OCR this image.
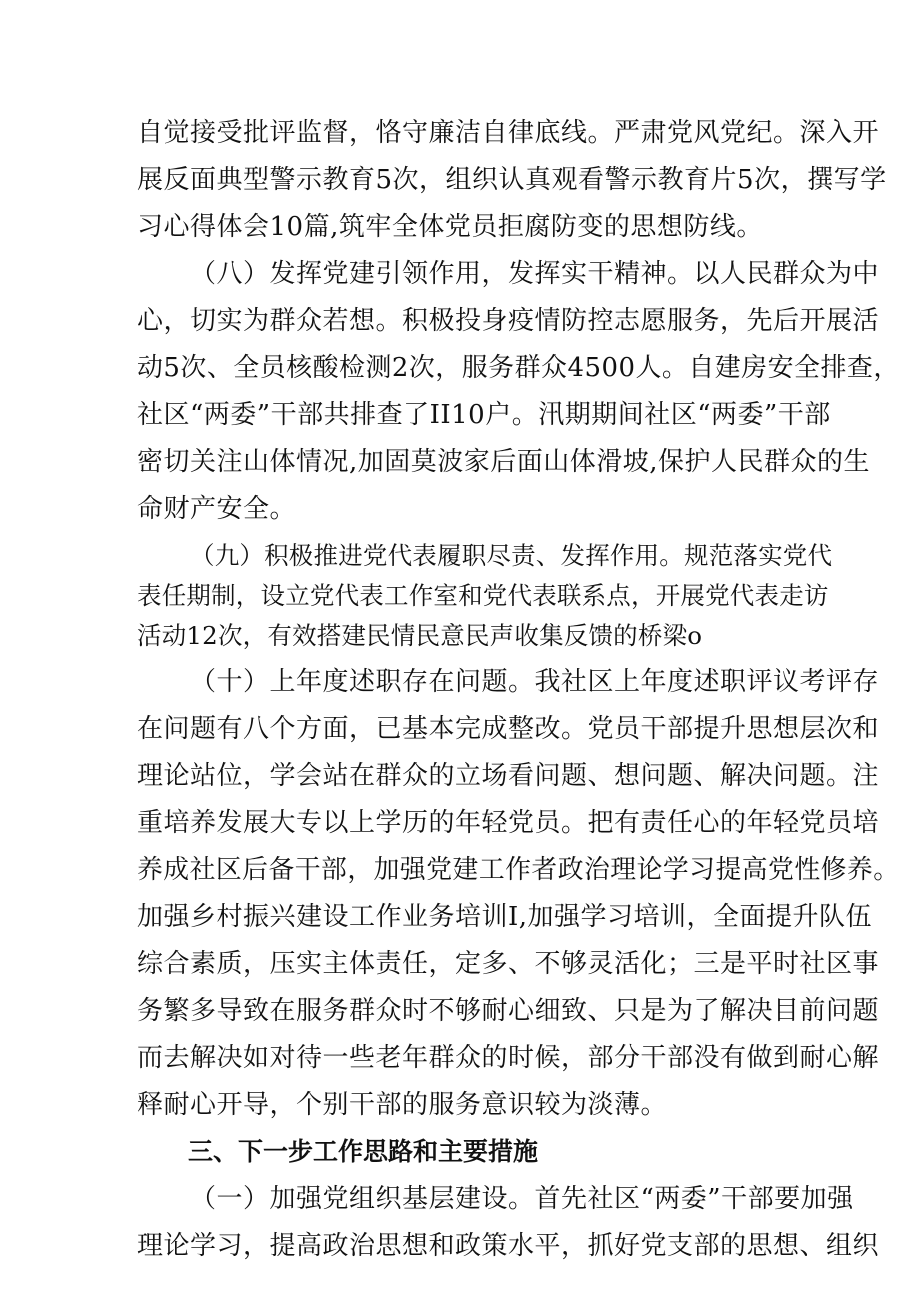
自觉接受批评监督，恪守廉洁自律底线。严肃党风党纪。深入开
展反面典型警示教育5次，组织认真观看警示教育片5次，撰写学
习心得体会10篇,筑牢全体党员拒腐防变的思想防线。
（八）发挥党建引领作用，发挥实干精神。以人民群众为中
心，切实为群众若想。积极投身疫情防控志愿服务，先后开展活
动5次、全员核酸检测2次，服务群众4500人。自建房安全排查，
社区“两委”干部共排查了II10户。汛期期间社区“两委”干部
密切关注山体情况,加固莫波家后面山体滑坡,保护人民群众的生
命财产安全。
（九）积极推进党代表履职尽责、发挥作用。规范落实党代
表任期制，设立党代表工作室和党代表联系点，开展党代表走访
活动12次，有效搭建民情民意民声收集反馈的桥梁o
（十）上年度述职存在问题。我社区上年度述职评议考评存
在问题有八个方面，已基本完成整改。党员干部提升思想层次和
理论站位，学会站在群众的立场看问题、想问题、解决问题。注
重培养发展大专以上学历的年轻党员。把有责任心的年轻党员培
养成社区后备干部，加强党建工作者政治理论学习提高党性修养。
加强乡村振兴建设工作业务培训I,加强学习培训，全面提升队伍
综合素质，压实主体责任，定多、不够灵活化；三是平时社区事
务繁多导致在服务群众时不够耐心细致、只是为了解决目前问题
而去解决如对待一些老年群众的时候，部分干部没有做到耐心解
释耐心开导，个别干部的服务意识较为淡薄。
三、下一步工作思路和主要措施
（一）加强党组织基层建设。首先社区“两委”干部要加强
理论学习，提高政治思想和政策水平，抓好党支部的思想、组织
